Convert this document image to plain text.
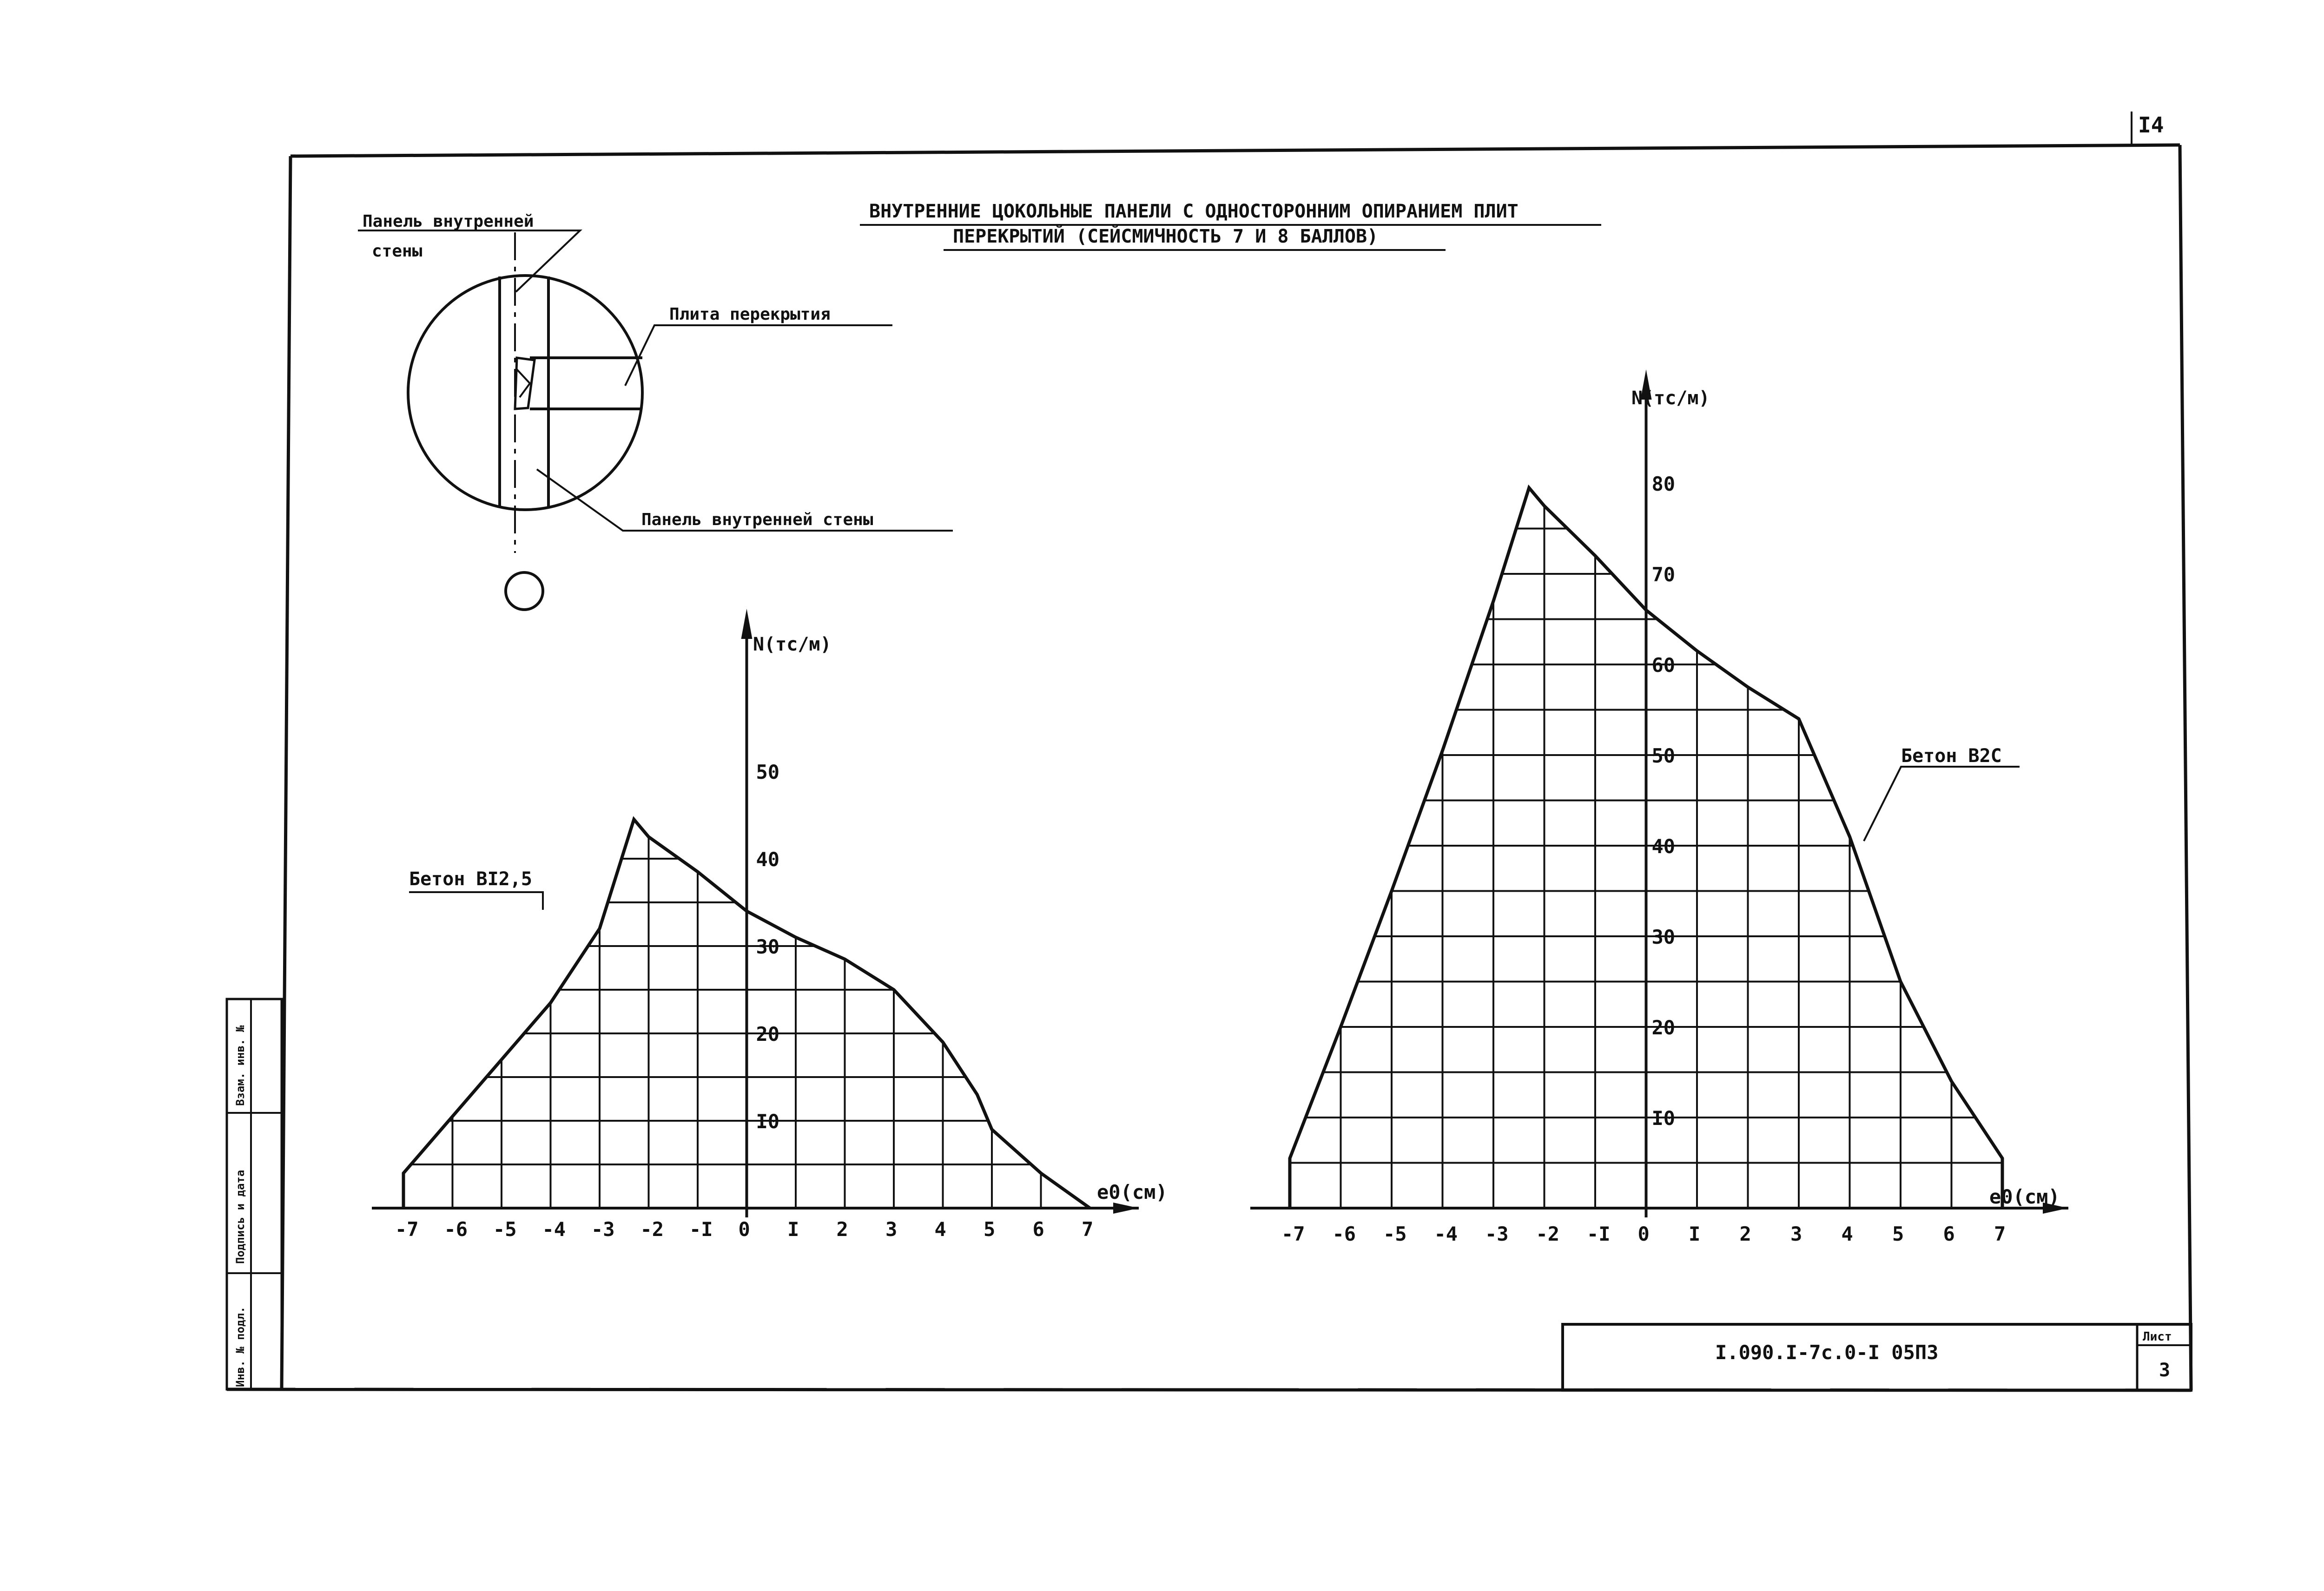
I4
ВНУТРЕННИЕ ЦОКОЛЬНЫЕ ПАНЕЛИ С ОДНОСТОРОННИМ ОПИРАНИЕМ ПЛИТ
ПЕРЕКРЫТИЙ (СЕЙСМИЧНОСТЬ 7 И 8 БАЛЛОВ)
Инв. № подл.
Подпись и дата
Взам. инв. №
I.090.I-7c.0-I 05ПЗ
Лист
3
Панель внутренней
стены
Плита перекрытия
Панель внутренней стены
-7 -6 -5 -4 -3 -2 -I 0 I 2 3 4 5 6 7
I0
20
30
40
50
e0(см)
N(тс/м)
Бетон BI2,5
-7 -6 -5 -4 -3 -2 -I 0 I 2 3 4 5 6 7
I0
20
30
40
50
60
70
80
e0(см)
N(тс/м)
Бетон B2C
